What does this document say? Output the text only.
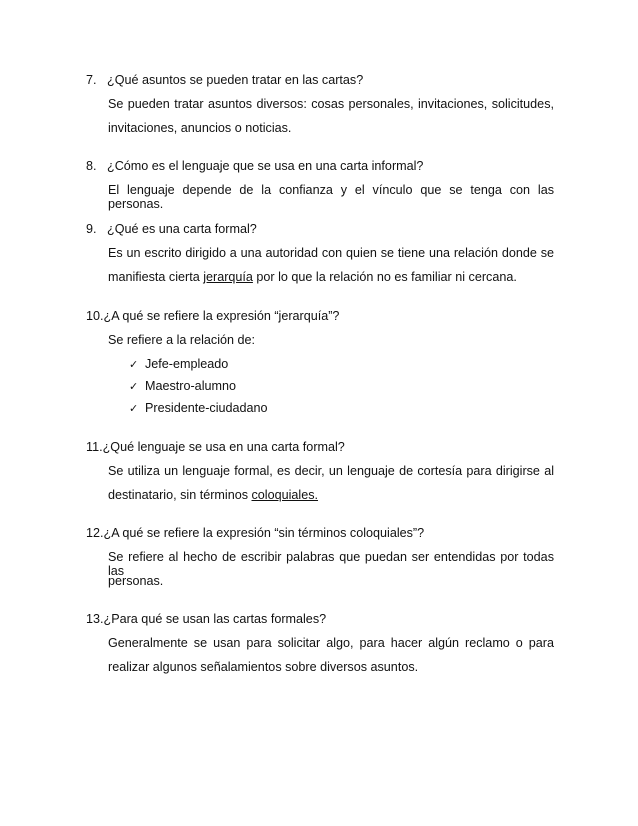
7. ¿Qué asuntos se pueden tratar en las cartas?
Se pueden tratar asuntos diversos: cosas personales, invitaciones, solicitudes,
invitaciones, anuncios o noticias.
8. ¿Cómo es el lenguaje que se usa en una carta informal?
El lenguaje depende de la confianza y el vínculo que se tenga con las personas.
9. ¿Qué es una carta formal?
Es un escrito dirigido a una autoridad con quien se tiene una relación donde se
manifiesta cierta jerarquía por lo que la relación no es familiar ni cercana.
10.¿A qué se refiere la expresión “jerarquía”?
Se refiere a la relación de:
✓ Jefe-empleado
✓ Maestro-alumno
✓ Presidente-ciudadano
11.¿Qué lenguaje se usa en una carta formal?
Se utiliza un lenguaje formal, es decir, un lenguaje de cortesía para dirigirse al
destinatario, sin términos coloquiales.
12.¿A qué se refiere la expresión “sin términos coloquiales”?
Se refiere al hecho de escribir palabras que puedan ser entendidas por todas las
personas.
13.¿Para qué se usan las cartas formales?
Generalmente se usan para solicitar algo, para hacer algún reclamo o para
realizar algunos señalamientos sobre diversos asuntos.
